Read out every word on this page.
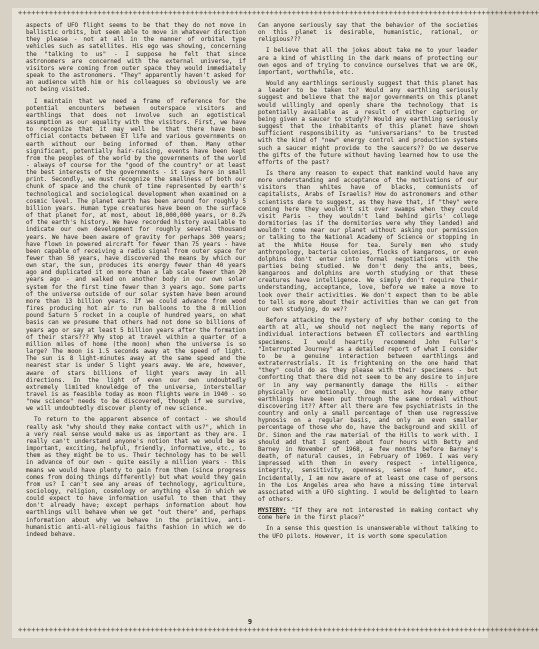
++++++++++++++++++++++++++++++++++++++++++++++++++++++++++++++++++++++++++++++++++++++++++++++++++++++++++++++++++++++

aspects of UFO flight seems to be that they do not move in ballistic orbits, but seem able to move in whatever direction they please - not at all in the manner of orbital type vehicles such as satellites. His ego was showing, concerning the "talking to us" - I suppose he felt that since astronomers are concerned with the external universe, if visitors were coming from outer space they would immediately speak to the astronomers. "They" apparently haven't asked for an audience with him or his colleagues so obviously we are not being visited.

I maintain that we need a frame of reference for the potential encounters between outerspace visitors and earthlings that does not involve such an egotistical assumption as our equality with the visitors. First, we have to recognize that it may well be that there have been official contacts between ET life and various governments on earth without our being informed of them. Many other significant, potentially hair-raising, events have been kept from the peoples of the world by the governments of the world - always of course for the "good of the country" or at least the best interests of the governments - it says here in small print. Secondly, we must recognize the smallness of both our chunk of space and the chunk of time represented by earth's technological and sociological development when examined on a cosmic level. The planet earth has been around for roughly 5 billion years. Human type creatures have been on the surface of that planet for, at most, about 10,000,000 years, or 0.2% of the earth's history. We have recorded history available to indicate our own development for roughly several thousand years. We have been aware of gravity for perhaps 300 years; have flown in powered aircraft for fewer than 75 years - have been capable of receiving a radio signal from outer space for fewer than 50 years, have discovered the means by which our own star, the sun, produces its energy fewer than 40 years ago and duplicated it on more than a lab scale fewer than 20 years ago - and walked on another body in our own solar system for the first time fewer than 3 years ago. Some parts of the universe outside of our solar system have been around more than 13 billion years. If we could advance from wood fires producing hot air to run balloons to the 8 million pound Saturn 5 rocket in a couple of hundred years, on what basis can we presume that others had not done so billions of years ago or say at least 5 billion years after the formation of their stars??? Why stop at travel within a quarter of a million miles of home (the moon) when the universe is so large? The moon is 1.5 seconds away at the speed of light. The sun is 8 light-minutes away at the same speed and the nearest star is under 5 light years away. We are, however, aware of stars billions of light years away in all directions. In the light of even our own undoubtedly extremely limited knowledge of the universe, interstellar travel is as feasible today as moon flights were in 1940 - so "new science" needs to be discovered, though if we survive, we will undoubtedly discover plenty of new science.

To return to the apparent absence of contact - we should really ask "why should they make contact with us?", which in a very real sense would make us as important as they are. I really can't understand anyone's notion that we would be as important, exciting, helpful, friendly, informative, etc., to them as they might be to us. Their technology has to be well in advance of our own - quite easily a million years - this means we would have plenty to gain from them (since progress comes from doing things differently) but what would they gain from us? I can't see any areas of technology, agriculture, sociology, religion, cosmology or anything else in which we could expect to have information useful to them that they don't already have; except perhaps information about how earthlings will behave when we get "out there" and, perhaps information about why we behave in the primitive, anti-humanistic anti-all-religious faiths fashion in which we do indeed behave.

Can anyone seriously say that the behavior of the societies on this planet is desirable, humanistic, rational, or religious???

I believe that all the jokes about take me to your leader are a kind of whistling in the dark means of protecting our own egos and of trying to convince ourselves that we are OK, important, worthwhile, etc.

Would any earthlings seriously suggest that this planet has a leader to be taken to? Would any earthling seriously suggest and believe that the major governments on this planet would willingly and openly share the technology that is potentially available as a result of either capturing or being given a saucer to study?? Would any earthling seriously suggest that the inhabitants of this planet have shown sufficient responsibility as "universarians" to be trusted with the kind of "new" energy control and production systems such a saucer might provide to the saucers?? Do we deserve the gifts of the future without having learned how to use the efforts of the past?

Is there any reason to expect that mankind would have any more understanding and acceptance of the motivations of our visitors than whites have of blacks, communists of capitalists, Arabs of Israelis? How do astronomers and other scientists dare to suggest, as they have that, if "they" were coming here they wouldn't sit over swamps when they could visit Paris - they wouldn't land behind girls' college dormitories (as if the dormitories were why they landed) and wouldn't come near our planet without asking our permission or talking to the National Academy of Science or stopping in at the White House for tea. Surely men who study anthropology, bacteria colonies, flocks of kangaroos, or even dolphins don't enter into formal negotiations with the parties being studied. We don't deny the ants, bees, kangaroos and dolphins are worth studying or that these creatures have intelligence. We simply don't require their understanding, acceptance, love, before we make a move to look over their activities. We don't expect them to be able to tell us more about their activities than we can get from our own studying, do we??

Before attacking the mystery of why bother coming to the earth at all, we should not neglect the many reports of individual interactions between ET collectors and earthling specimens. I would heartily recommend John Fuller's "Interrupted Journey" as a detailed report of what I consider to be a genuine interaction between earthlings and extraterrestrials. It is frightening on the one hand that "they" could do as they please with their specimens - but comforting that there did not seem to be any desire to injure or in any way permanently damage the Hills - either physically or emotionally. One must ask how many other earthlings have been put through the same ordeal without discovering it?? After all there are few psychiatrists in the country and only a small percentage of them use regressive hypnosis on a regular basis, and only an even smaller percentage of those who do, have the background and skill of Dr. Simon and the raw material of the Hills to work with. I should add that I spent about four hours with Betty and Barney in November of 1968, a few months before Barney's death, of natural causes, in February of 1969. I was very impressed with them in every respect - intelligence, integrity, sensitivity, openness, sense of humor, etc. Incidentally, I am now aware of at least one case of persons in the Los Angeles area who have a missing time interval associated with a UFO sighting. I would be delighted to learn of others.

MYSTERY: "If they are not interested in making contact why come here in the first place?"

In a sense this question is unanswerable without talking to the UFO pilots. However, it is worth some speculation

9
++++++++++++++++++++++++++++++++++++++++++++++++++++++++++++++++++++++++++++++++++++++++++++++++++++++++++++++++++++++
